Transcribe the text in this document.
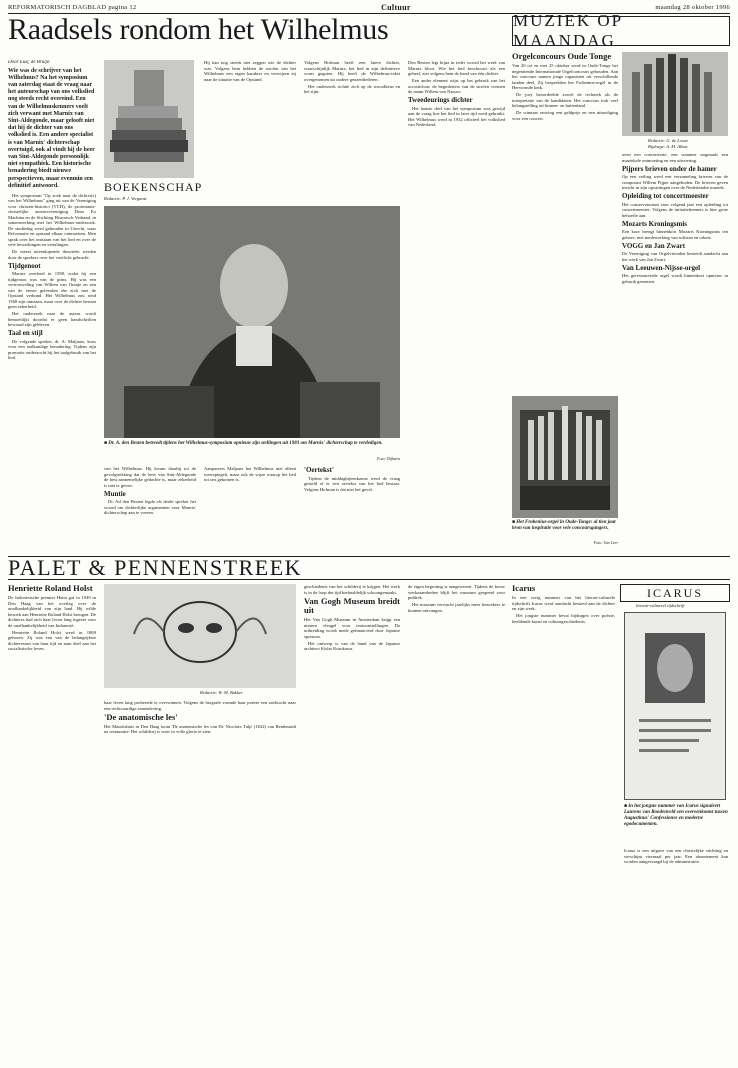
REFORMATORISCH DAGBLAD pagina 12	Cultuur	maandag 28 oktober 1996
Raadsels rondom het Wilhelmus
Door Eusç de Bruijn
Wie was de schrijver van het Wilhelmus? Na het symposium van zaterdag staat de vraag naar het auteurschap van ons volkslied nog steeds recht overeind. Een van de Wilhelmuskenners voelt zich verwant met Marnix van Sint-Aldegonde, maar gelooft niet dat hij de dichter van ons volkslied is. Een andere specialist is van Marnix' dichterschap overtuigd, ook al vindt hij de heer van Sint-Aldegonde persoonlijk niet sympathiek. Een historische benadering biedt nieuwe perspectieven, maar evenmin een definitief antwoord.

Het symposium "Op zoek naar de dichter(s) van het Wilhelmus" ging uit van de Vereniging voor christen-historici (VCH), de protestants-christelijke auteursvereniging Deus Ex Machina en de Stichting Historisch Verband, in samenwerking met het Wilhelmus-onderzoek. De studiedag werd gehouden in Utrecht, waar Reformatie en opstand elkaar ontmoetten. Men sprak over het ontstaan van het lied en over de vele bewerkingen en vertalingen.

De meest uiteenlopende theorieën werden door de sprekers over het voetlicht gebracht.

Tijdgenoot

Marnix overleed in 1598, zodat hij een tijdgenoot was van de prins. Hij was een vertrouweling van Willem van Oranje en een van de eerste geleerden die zich met de Opstand verbond. Het Wilhelmus zou rond 1568 zijn ontstaan, maar over de dichter bestaat geen zekerheid.

Het onderzoek naar de auteur wordt bemoeilijkt doordat er geen handschriften bewaard zijn gebleven.

Taal en stijl

De volgende spreker, dr. A. Maljaars, koos voor een taalkundige benadering. Tijdens zijn promotie onderzocht hij het taalgebruik van het lied.

BOEKENSCHAP
Redactie: P. J. Vergunst

Hij kan nog steeds niet zeggen wie de dichter was. Volgens hem hebben de strofen van het Wilhelmus een eigen karakter en verwijzen zij naar de situatie van de Opstand.

Volgens Hofman heeft een latere dichter, waarschijnlijk Marnix, het lied in zijn definitieve vorm gegoten. Hij heeft de Wilhelmus-tekst overgenomen uit oudere geuzenliederen.

Het onderzoek richtte zich op de woordkeus en het rijm.

■ Dr. A. den Besten betreedt tijdens het Wilhelmus-symposium opnieuw zijn stellingen uit 1983 om Marnix' dichterschap te verdedigen.
Foto: Dijkstra

van het Wilhelmus. Hij kwam daarbij tot de gevolgtrekking dat de heer van Sint-Aldegonde de best aannemelijke gedachte is, maar zekerheid is niet te geven.

Muntie

Dr. Ad den Besten legde als derde spreker het woord om dichterlijke argumenten voor Marnix' dichterschap aan te voeren.

Aanpassers Maljaars het Wilhelmus niet alleen weerspiegelt, maar ook de wijze waarop het lied tot ons gekomen is.

'Oertekst'

Tijdens de middagbijeenkomst werd de vraag gesteld of er een oertekst van het lied bestaat. Volgens Hofman is dat niet het geval.

Den Besten legt bijna in ieder woord het werk van Marnix bloot. Wie het lied beschouwt als een geheel, ziet volgens hem de hand van één dichter.

Een ander element wijst op het gebruik van het acrostichon: de beginletters van de strofen vormen de naam Willem van Nassov.

Tweedeurings dichter

Het laatste deel van het symposium was gewijd aan de vraag hoe het lied in later tijd werd gebruikt. Het Wilhelmus werd in 1932 officieel het volkslied van Nederland.

MUZIEK OP MAANDAG
Redactie: G. de Looze
Bijdrage: A. M. Albas

Orgelconcours Oude Tonge

Van 20 tot en met 25 oktober werd in Oude-Tonge het negentiende Internationale Orgelconcours gehouden. Aan het concours namen jonge organisten uit verschillende landen deel. Zij bespeelden het Frobenius-orgel in de Hervormde kerk.

De jury beoordeelde zowel de techniek als de interpretatie van de kandidaten. Het concours trok veel belangstelling uit binnen- en buitenland.

De winnaar ontving een geldprijs en een uitnodiging voor een concert.

■ Het Frobenius-orgel in Oude-Tonge: al tien jaar bron van inspiratie voor vele concoursgangers.
Foto: Van Leer

aven een concertserie, een wanneer nogmaals een muziekale ontmoeting en een uitvoering.

Pijpers brieven onder de hamer

Op een veiling werd een verzameling brieven van de componist Willem Pijper aangeboden. De brieven geven inzicht in zijn opvattingen over de Nederlandse muziek.

Opleiding tot concertmeester

Het conservatorium start volgend jaar een opleiding tot concertmeester. Volgens de initiatiefnemers is hier grote behoefte aan.

Mozarts Kroningsmis

Een koor brengt binnenkort Mozarts Kroningsmis ten gehore, met medewerking van solisten en orkest.

VOGG en Jan Zwart

De Vereniging van Orgelvrienden besteedt aandacht aan het werk van Jan Zwart.

Van Leeuwen-Nijsse-orgel

Het gerestaureerde orgel wordt binnenkort opnieuw in gebruik genomen.

PALET & PENNENSTREEK

Henriette Roland Holst

De Indonesische premier Hatta gaf in 1949 in Den Haag van het overleg over de onafhankelijkheid van zijn land. Hij wilde bezoek aan Henriette Roland Holst brengen. De dichteres had zich haar leven lang ingezet voor de onafhankelijkheid van Indonesië.

Henriette Roland Holst werd in 1869 geboren. Zij was een van de belangrijkste dichteressen van haar tijd en nam deel aan het socialistische leven.

Redactie: W. M. Bakker

haar leven lang probeerde te overwinnen. Volgens de biografe vormde haar poëzie een zoektocht naar een rechtvaardige samenleving.

'De anatomische les'

Het Mauritshuis in Den Haag toont 'De anatomische les van Dr. Nicolaes Tulp' (1632) van Rembrandt na restauratie. Het schilderij is weer in volle glorie te zien.

geschiedenis van het schilderij te krijgen. Het werk is in de loop der tijd herhaaldelijk schoongemaakt.

Van Gogh Museum breidt uit

Het Van Gogh Museum in Amsterdam krijgt een nieuwe vleugel voor tentoonstellingen. De uitbreiding wordt mede gefinancierd door Japanse sponsors.

Het ontwerp is van de hand van de Japanse architect Kisho Kurokawa.

de eigen begroting is aangewezen. Tijdens de bouw werkzaamheden blijft het museum geopend voor publiek.

Het museum verwacht jaarlijks meer bezoekers te kunnen ontvangen.

Icarus

In een vorig nummer van het literair-culturele tijdschrift Icarus werd aandacht besteed aan de dichter en zijn werk.

Het jongste nummer bevat bijdragen over poëzie, beeldende kunst en cultuurgeschiedenis.

ICARUS
literair-cultureel tijdschrift
■ In het jongste nummer van Icarus signaleert Laurens van Roodenveld een overeenkomst tussen Augustinus' Confessiones en moderne egodocumenten.

Icarus is een uitgave van een christelijke stichting en verschijnt viermaal per jaar. Een abonnement kan worden aangevraagd bij de administratie.
